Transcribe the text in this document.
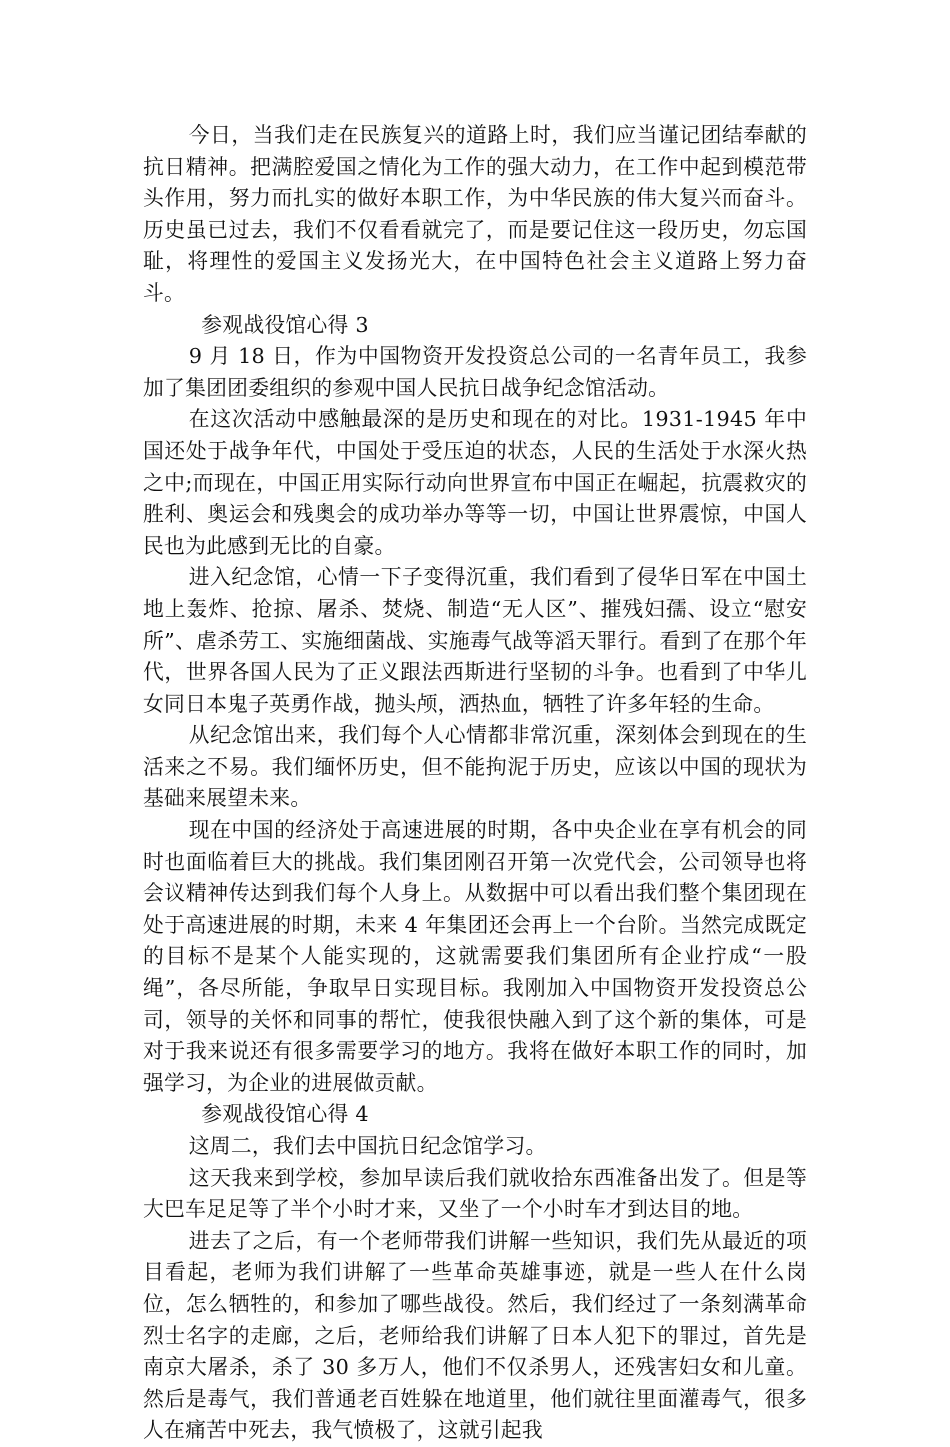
今日，当我们走在民族复兴的道路上时，我们应当谨记团结奉献的抗日精神。把满腔爱国之情化为工作的强大动力，在工作中起到模范带头作用，努力而扎实的做好本职工作，为中华民族的伟大复兴而奋斗。历史虽已过去，我们不仅看看就完了，而是要记住这一段历史，勿忘国耻，将理性的爱国主义发扬光大，在中国特色社会主义道路上努力奋斗。

参观战役馆心得 3

9 月 18 日，作为中国物资开发投资总公司的一名青年员工，我参加了集团团委组织的参观中国人民抗日战争纪念馆活动。

在这次活动中感触最深的是历史和现在的对比。1931-1945 年中国还处于战争年代，中国处于受压迫的状态，人民的生活处于水深火热之中;而现在，中国正用实际行动向世界宣布中国正在崛起，抗震救灾的胜利、奥运会和残奥会的成功举办等等一切，中国让世界震惊，中国人民也为此感到无比的自豪。

进入纪念馆，心情一下子变得沉重，我们看到了侵华日军在中国土地上轰炸、抢掠、屠杀、焚烧、制造“无人区”、摧残妇孺、设立“慰安所”、虐杀劳工、实施细菌战、实施毒气战等滔天罪行。看到了在那个年代，世界各国人民为了正义跟法西斯进行坚韧的斗争。也看到了中华儿女同日本鬼子英勇作战，抛头颅，洒热血，牺牲了许多年轻的生命。

从纪念馆出来，我们每个人心情都非常沉重，深刻体会到现在的生活来之不易。我们缅怀历史，但不能拘泥于历史，应该以中国的现状为基础来展望未来。

现在中国的经济处于高速进展的时期，各中央企业在享有机会的同时也面临着巨大的挑战。我们集团刚召开第一次党代会，公司领导也将会议精神传达到我们每个人身上。从数据中可以看出我们整个集团现在处于高速进展的时期，未来 4 年集团还会再上一个台阶。当然完成既定的目标不是某个人能实现的，这就需要我们集团所有企业拧成“一股绳”，各尽所能，争取早日实现目标。我刚加入中国物资开发投资总公司，领导的关怀和同事的帮忙，使我很快融入到了这个新的集体，可是对于我来说还有很多需要学习的地方。我将在做好本职工作的同时，加强学习，为企业的进展做贡献。

参观战役馆心得 4

这周二，我们去中国抗日纪念馆学习。

这天我来到学校，参加早读后我们就收拾东西准备出发了。但是等大巴车足足等了半个小时才来，又坐了一个小时车才到达目的地。

进去了之后，有一个老师带我们讲解一些知识，我们先从最近的项目看起，老师为我们讲解了一些革命英雄事迹，就是一些人在什么岗位，怎么牺牲的，和参加了哪些战役。然后，我们经过了一条刻满革命烈士名字的走廊，之后，老师给我们讲解了日本人犯下的罪过，首先是南京大屠杀，杀了 30 多万人，他们不仅杀男人，还残害妇女和儿童。然后是毒气，我们普通老百姓躲在地道里，他们就往里面灌毒气，很多人在痛苦中死去，我气愤极了，这就引起我
